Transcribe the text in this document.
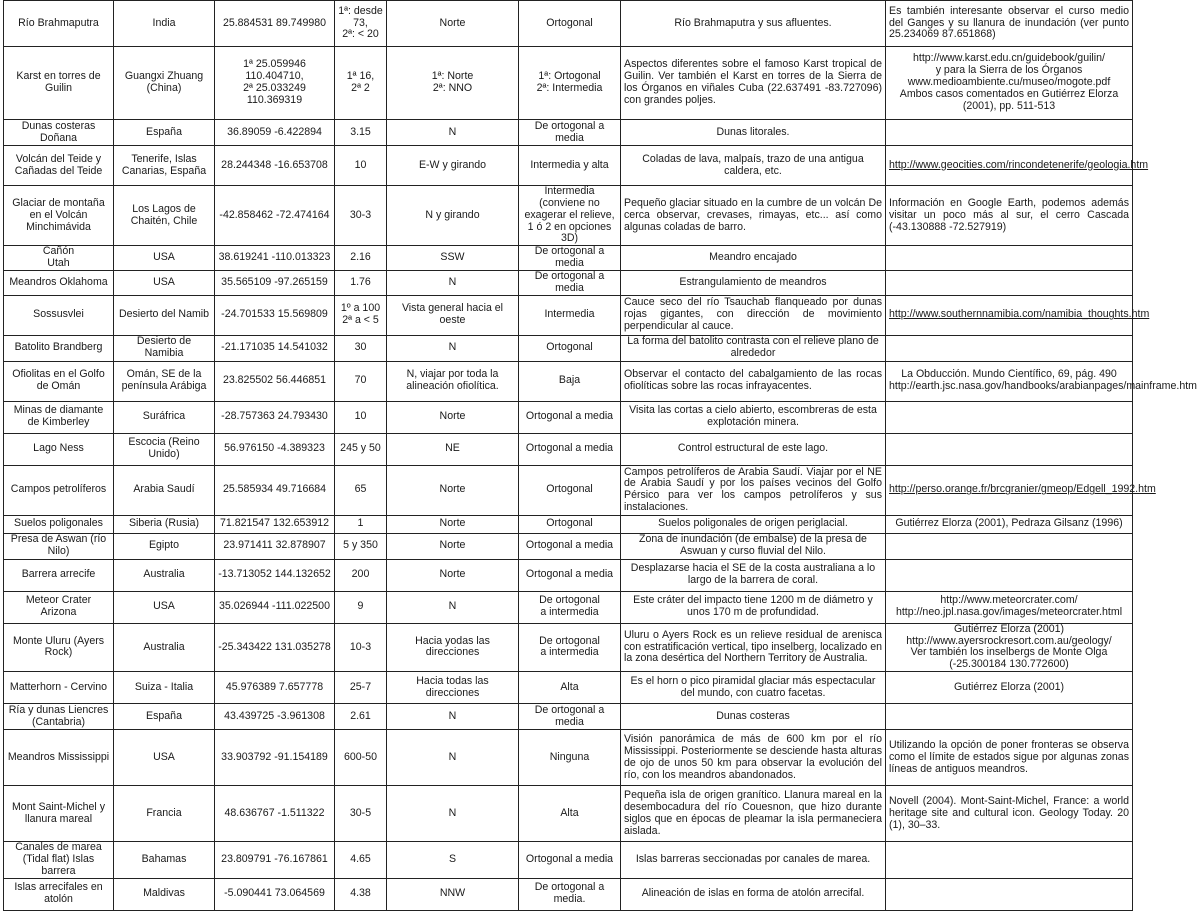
Río Brahmaputra	India	25.884531 89.749980	1ª: desde 73,
2ª: < 20	Norte	Ortogonal	Río Brahmaputra y sus afluentes.	Es también interesante observar el curso medio del Ganges y su llanura de inundación (ver punto 25.234069 87.651868)
Karst en torres de Guilin	Guangxi Zhuang (China)	1ª 25.059946
110.404710,
2ª 25.033249
110.369319	1ª 16,
2ª 2	1ª: Norte
2ª: NNO	1ª: Ortogonal
2ª: Intermedia	Aspectos diferentes sobre el famoso Karst tropical de Guilin. Ver también el Karst en torres de la Sierra de los Órganos en viñales Cuba (22.637491 -83.727096) con grandes poljes.	http://www.karst.edu.cn/guidebook/guilin/
y para la Sierra de los Órganos
www.medioambiente.cu/museo/mogote.pdf
Ambos casos comentados en Gutiérrez Elorza (2001), pp. 511-513
Dunas costeras Doñana	España	36.89059 -6.422894	3.15	N	De ortogonal a media	Dunas litorales.	
Volcán del Teide y Cañadas del Teide	Tenerife, Islas Canarias, España	28.244348 -16.653708	10	E-W y girando	Intermedia y alta	Coladas de lava, malpaís, trazo de una antigua caldera, etc.	http://www.geocities.com/rincondetenerife/geologia.htm
Glaciar de montaña en el Volcán Minchimávida	Los Lagos de Chaitén, Chile	-42.858462 -72.474164	30-3	N y girando	Intermedia (conviene no exagerar el relieve, 1 ó 2 en opciones 3D)	Pequeño glaciar situado en la cumbre de un volcán De cerca observar, crevases, rimayas, etc... así como algunas coladas de barro.	Información en Google Earth, podemos además visitar un poco más al sur, el cerro Cascada (-43.130888 -72.527919)
Cañón
Utah	USA	38.619241 -110.013323	2.16	SSW	De ortogonal a media	Meandro encajado	
Meandros Oklahoma	USA	35.565109 -97.265159	1.76	N	De ortogonal a media	Estrangulamiento de meandros	
Sossusvlei	Desierto del Namib	-24.701533 15.569809	1º a 100
2ª a < 5	Vista general hacia el oeste	Intermedia	Cauce seco del río Tsauchab flanqueado por dunas rojas gigantes, con dirección de movimiento perpendicular al cauce.	http://www.southernnamibia.com/namibia_thoughts.htm
Batolito Brandberg	Desierto de Namibia	-21.171035 14.541032	30	N	Ortogonal	La forma del batolito contrasta con el relieve plano de alrededor	
Ofiolitas en el Golfo de Omán	Omán, SE de la península Arábiga	23.825502 56.446851	70	N, viajar por toda la alineación ofiolítica.	Baja	Observar el contacto del cabalgamiento de las rocas ofiolíticas sobre las rocas infrayacentes.	La Obducción. Mundo Científico, 69, pág. 490
http://earth.jsc.nasa.gov/handbooks/arabianpages/mainframe.htm
Minas de diamante de Kimberley	Suráfrica	-28.757363 24.793430	10	Norte	Ortogonal a media	Visita las cortas a cielo abierto, escombreras de esta explotación minera.	
Lago Ness	Escocia (Reino Unido)	56.976150 -4.389323	245 y 50	NE	Ortogonal a media	Control estructural de este lago.	
Campos petrolíferos	Arabia Saudí	25.585934 49.716684	65	Norte	Ortogonal	Campos petrolíferos de Arabia Saudí. Viajar por el NE de Arabia Saudí y por los países vecinos del Golfo Pérsico para ver los campos petrolíferos y sus instalaciones.	http://perso.orange.fr/brcgranier/gmeop/Edgell_1992.htm
Suelos poligonales	Siberia (Rusia)	71.821547 132.653912	1	Norte	Ortogonal	Suelos poligonales de origen periglacial.	Gutiérrez Elorza (2001), Pedraza Gilsanz (1996)
Presa de Aswan (río Nilo)	Egipto	23.971411 32.878907	5 y 350	Norte	Ortogonal a media	Zona de inundación (de embalse) de la presa de Aswuan y curso fluvial del Nilo.	
Barrera arrecife	Australia	-13.713052 144.132652	200	Norte	Ortogonal a media	Desplazarse hacia el SE de la costa australiana a lo largo de la barrera de coral.	
Meteor Crater Arizona	USA	35.026944 -111.022500	9	N	De ortogonal
a intermedia	Este cráter del impacto tiene 1200 m de diámetro y unos 170 m de profundidad.	http://www.meteorcrater.com/
http://neo.jpl.nasa.gov/images/meteorcrater.html
Monte Uluru (Ayers Rock)	Australia	-25.343422 131.035278	10-3	Hacia yodas las direcciones	De ortogonal
a intermedia	Uluru o Ayers Rock es un relieve residual de arenisca con estratificación vertical, tipo inselberg, localizado en la zona desértica del Northern Territory de Australia.	Gutiérrez Elorza (2001)
http://www.ayersrockresort.com.au/geology/
Ver también los inselbergs de Monte Olga (-25.300184 130.772600)
Matterhorn - Cervino	Suiza - Italia	45.976389 7.657778	25-7	Hacia todas las direcciones	Alta	Es el horn o pico piramidal glaciar más espectacular del mundo, con cuatro facetas.	Gutiérrez Elorza (2001)
Ría y dunas Liencres (Cantabria)	España	43.439725 -3.961308	2.61	N	De ortogonal a media	Dunas costeras	
Meandros Mississippi	USA	33.903792 -91.154189	600-50	N	Ninguna	Visión panorámica de más de 600 km por el río Mississippi. Posteriormente se desciende hasta alturas de ojo de unos 50 km para observar la evolución del río, con los meandros abandonados.	Utilizando la opción de poner fronteras se observa como el límite de estados sigue por algunas zonas líneas de antiguos meandros.
Mont Saint-Michel y llanura mareal	Francia	48.636767 -1.511322	30-5	N	Alta	Pequeña isla de origen granítico. Llanura mareal en la desembocadura del río Couesnon, que hizo durante siglos que en épocas de pleamar la isla permaneciera aislada.	Novell (2004). Mont-Saint-Michel, France: a world heritage site and cultural icon. Geology Today. 20 (1), 30–33.
Canales de marea (Tidal flat) Islas barrera	Bahamas	23.809791 -76.167861	4.65	S	Ortogonal a media	Islas barreras seccionadas por canales de marea.	
Islas arrecifales en atolón	Maldivas	-5.090441 73.064569	4.38	NNW	De ortogonal a media.	Alineación de islas en forma de atolón arrecifal.	
